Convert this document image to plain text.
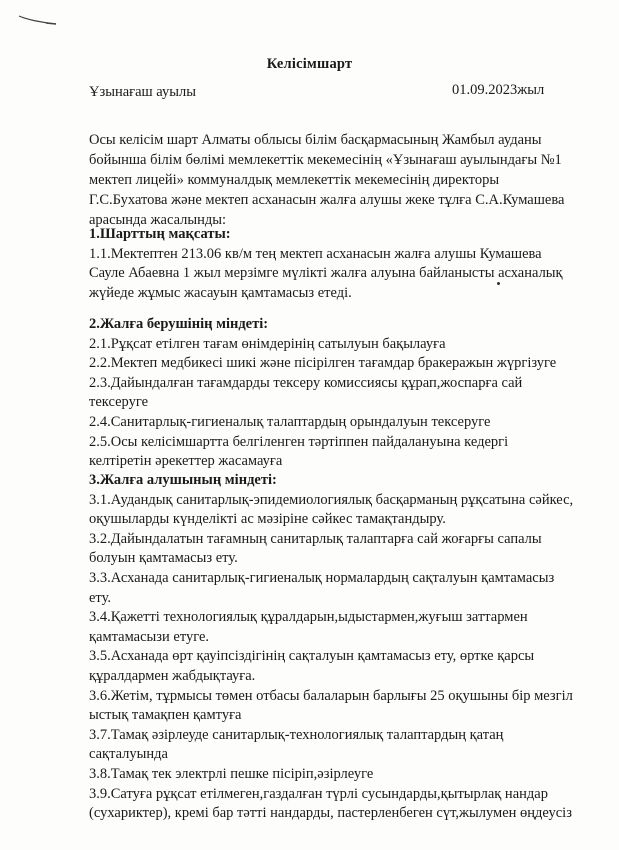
Келісімшарт
Ұзынағаш ауылы	01.09.2023жыл
Осы келісім шарт Алматы облысы білім басқармасының Жамбыл ауданы
бойынша білім бөлімі мемлекеттік мекемесінің «Ұзынағаш ауылындағы №1
мектеп лицейі» коммуналдық мемлекеттік мекемесінің директоры
Г.С.Бухатова және мектеп асханасын жалға алушы жеке тұлға С.А.Кумашева
арасында жасалынды:
1.Шарттың мақсаты:
1.1.Мектептен 213.06 кв/м тең мектеп асханасын жалға алушы Кумашева
Сауле Абаевна 1 жыл мерзімге мүлікті жалға алуына байланысты асханалық
жүйеде жұмыс жасауын қамтамасыз етеді.
2.Жалға берушінің міндеті:
2.1.Рұқсат етілген тағам өнімдерінің сатылуын бақылауға
2.2.Мектеп медбикесі шикі және пісірілген тағамдар бракеражын жүргізуге
2.3.Дайындалған тағамдарды тексеру комиссиясы құрап,жоспарға сай
тексеруге
2.4.Санитарлық-гигиеналық талаптардың орындалуын тексеруге
2.5.Осы келісімшартта белгіленген тәртіппен пайдалануына кедергі
келтіретін әрекеттер жасамауға
3.Жалға алушының міндеті:
3.1.Аудандық санитарлық-эпидемиологиялық басқарманың рұқсатына сәйкес,
оқушыларды күнделікті ас мәзіріне сәйкес тамақтандыру.
3.2.Дайындалатын тағамның санитарлық талаптарға сай жоғарғы сапалы
болуын қамтамасыз ету.
3.3.Асханада санитарлық-гигиеналық нормалардың сақталуын қамтамасыз
ету.
3.4.Қажетті технологиялық құралдарын,ыдыстармен,жуғыш заттармен
қамтамасызи етуге.
3.5.Асханада өрт қауіпсіздігінің сақталуын қамтамасыз ету, өртке қарсы
құралдармен жабдықтауға.
3.6.Жетім, тұрмысы төмен отбасы балаларын барлығы 25 оқушыны бір мезгіл
ыстық тамақпен қамтуға
3.7.Тамақ әзірлеуде санитарлық-технологиялық талаптардың қатаң
сақталуында
3.8.Тамақ тек электрлі пешке пісіріп,әзірлеуге
3.9.Сатуға рұқсат етілмеген,газдалған түрлі сусындарды,қытырлақ нандар
(сухариктер), кремі бар тәтті нандарды, пастерленбеген сүт,жылумен өңдеусіз
